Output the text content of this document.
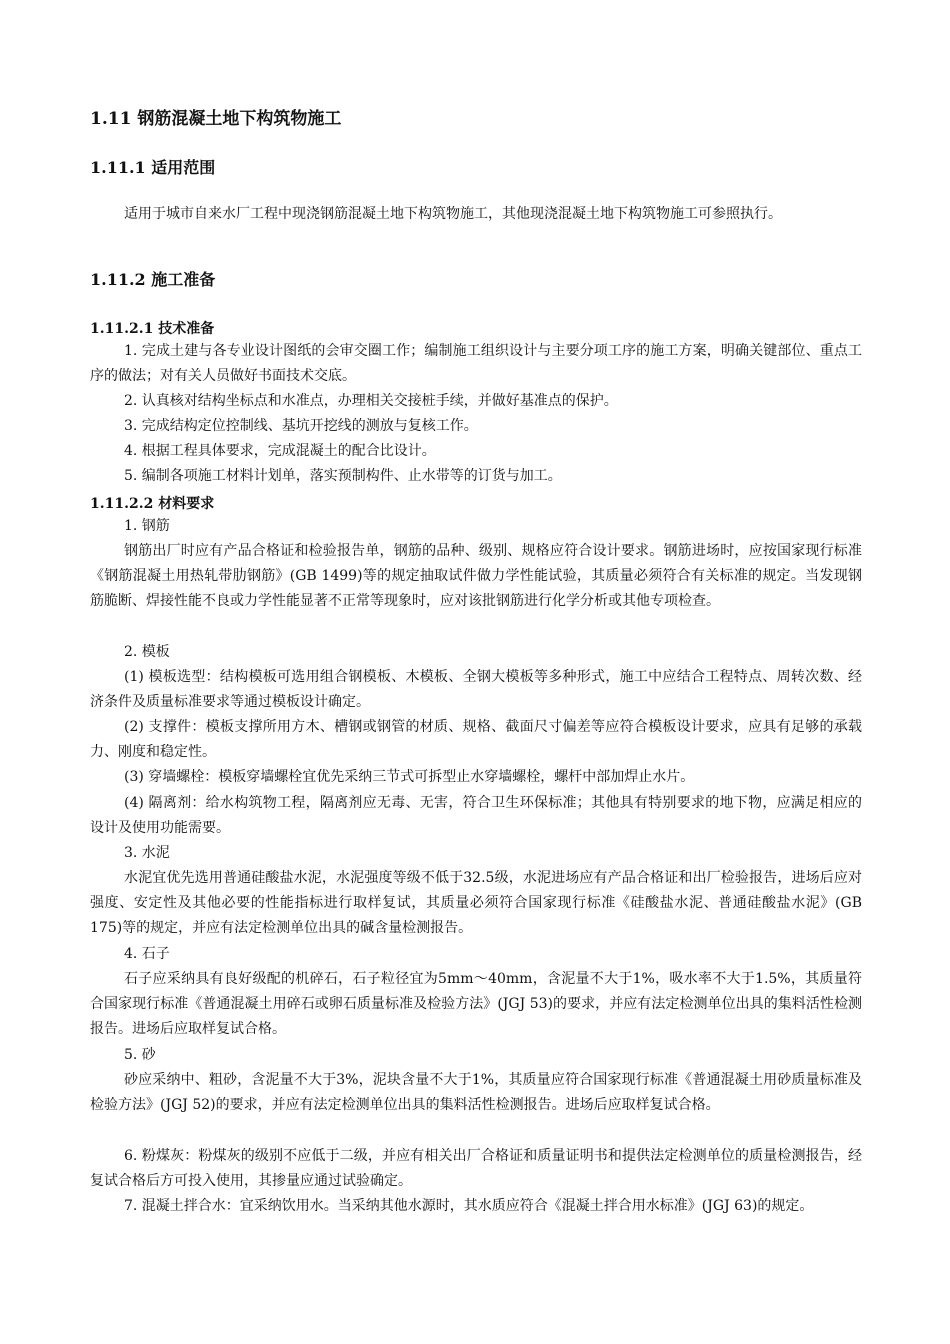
1.11 钢筋混凝土地下构筑物施工
1.11.1 适用范围
适用于城市自来水厂工程中现浇钢筋混凝土地下构筑物施工，其他现浇混凝土地下构筑物施工可参照执行。
1.11.2 施工准备
1.11.2.1 技术准备
1. 完成土建与各专业设计图纸的会审交圈工作；编制施工组织设计与主要分项工序的施工方案，明确关键部位、重点工序的做法；对有关人员做好书面技术交底。
2. 认真核对结构坐标点和水准点，办理相关交接桩手续，并做好基准点的保护。
3. 完成结构定位控制线、基坑开挖线的测放与复核工作。
4. 根据工程具体要求，完成混凝土的配合比设计。
5. 编制各项施工材料计划单，落实预制构件、止水带等的订货与加工。
1.11.2.2 材料要求
1. 钢筋
钢筋出厂时应有产品合格证和检验报告单，钢筋的品种、级别、规格应符合设计要求。钢筋进场时，应按国家现行标准《钢筋混凝土用热轧带肋钢筋》(GB 1499)等的规定抽取试件做力学性能试验，其质量必须符合有关标准的规定。当发现钢筋脆断、焊接性能不良或力学性能显著不正常等现象时，应对该批钢筋进行化学分析或其他专项检查。
2. 模板
(1) 模板选型：结构模板可选用组合钢模板、木模板、全钢大模板等多种形式，施工中应结合工程特点、周转次数、经济条件及质量标准要求等通过模板设计确定。
(2) 支撑件：模板支撑所用方木、槽钢或钢管的材质、规格、截面尺寸偏差等应符合模板设计要求，应具有足够的承载力、刚度和稳定性。
(3) 穿墙螺栓：模板穿墙螺栓宜优先采纳三节式可拆型止水穿墙螺栓，螺杆中部加焊止水片。
(4) 隔离剂：给水构筑物工程，隔离剂应无毒、无害，符合卫生环保标准；其他具有特别要求的地下物，应满足相应的设计及使用功能需要。
3. 水泥
水泥宜优先选用普通硅酸盐水泥，水泥强度等级不低于32.5级，水泥进场应有产品合格证和出厂检验报告，进场后应对强度、安定性及其他必要的性能指标进行取样复试，其质量必须符合国家现行标准《硅酸盐水泥、普通硅酸盐水泥》(GB 175)等的规定，并应有法定检测单位出具的碱含量检测报告。
4. 石子
石子应采纳具有良好级配的机碎石，石子粒径宜为5mm～40mm，含泥量不大于1%，吸水率不大于1.5%，其质量符合国家现行标准《普通混凝土用碎石或卵石质量标准及检验方法》(JGJ 53)的要求，并应有法定检测单位出具的集料活性检测报告。进场后应取样复试合格。
5. 砂
砂应采纳中、粗砂，含泥量不大于3%，泥块含量不大于1%，其质量应符合国家现行标准《普通混凝土用砂质量标准及检验方法》(JGJ 52)的要求，并应有法定检测单位出具的集料活性检测报告。进场后应取样复试合格。
6. 粉煤灰：粉煤灰的级别不应低于二级，并应有相关出厂合格证和质量证明书和提供法定检测单位的质量检测报告，经复试合格后方可投入使用，其掺量应通过试验确定。
7. 混凝土拌合水：宜采纳饮用水。当采纳其他水源时，其水质应符合《混凝土拌合用水标准》(JGJ 63)的规定。
